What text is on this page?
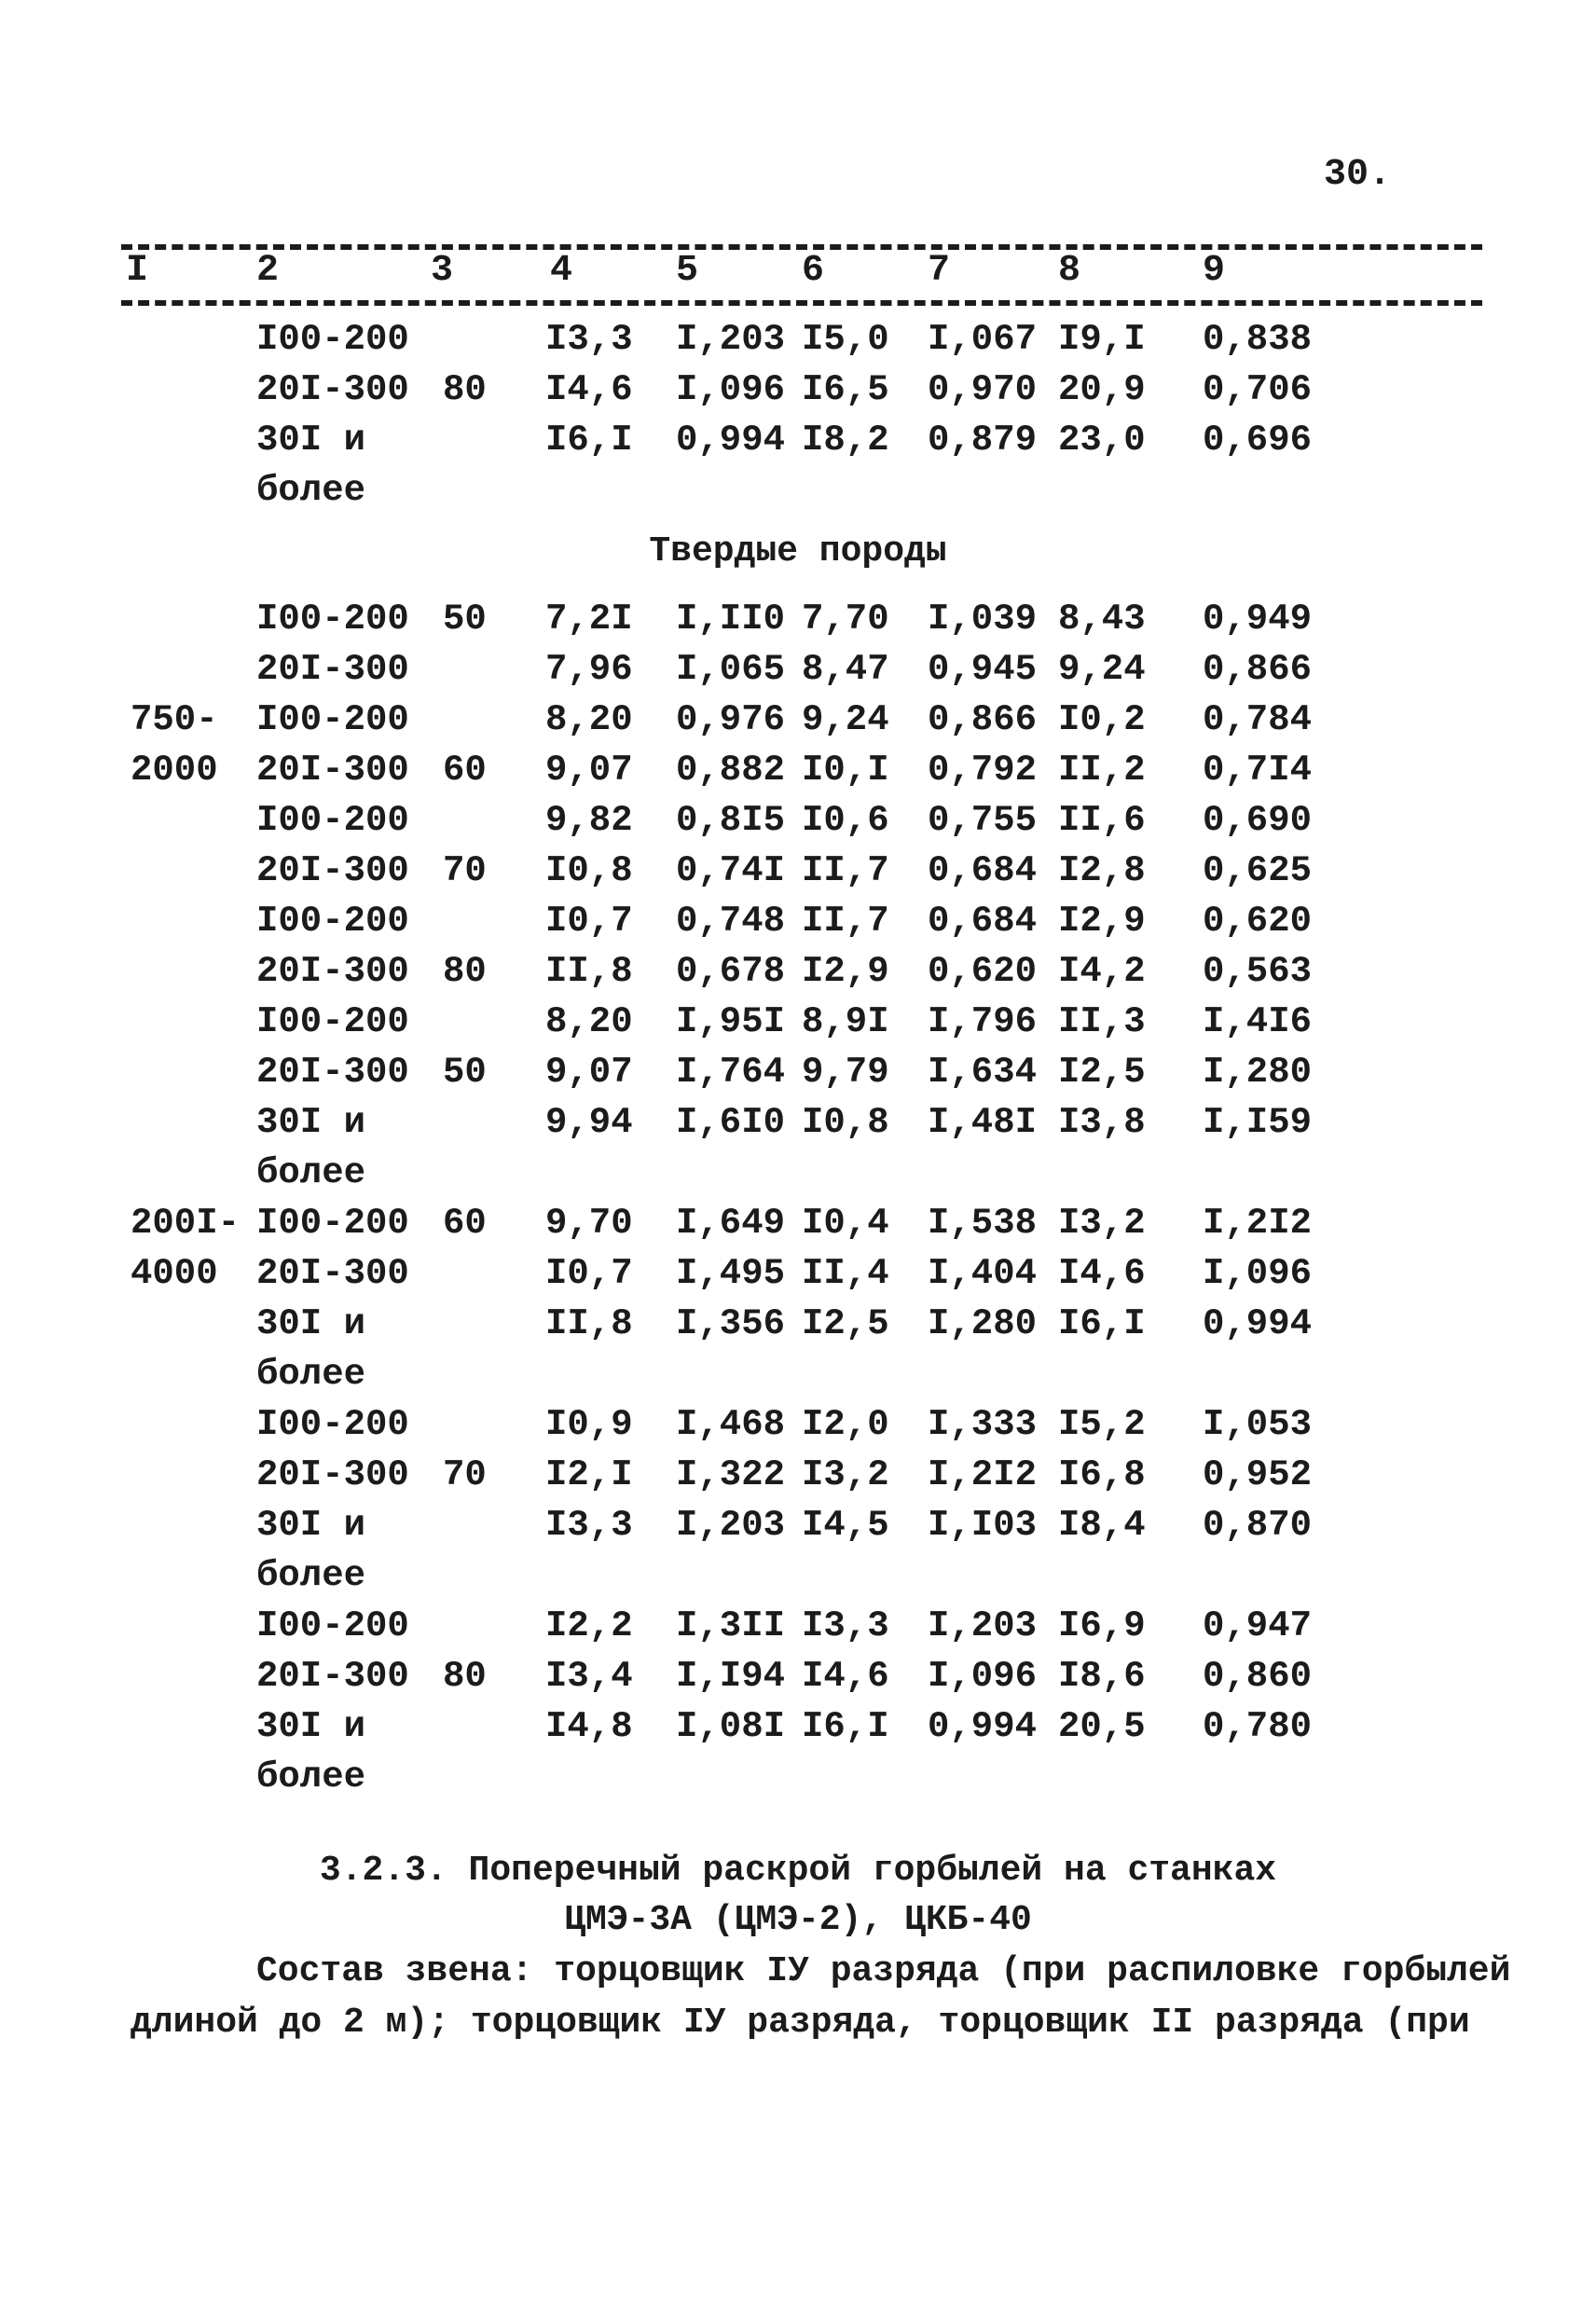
30.
I	2	3	4	5	6	7	8	9
I00-200	I3,3 I,203 I5,0 I,067 I9,I 0,838
20I-300 80 I4,6 I,096 I6,5 0,970 20,9 0,706
30I и	I6,I 0,994 I8,2 0,879 23,0 0,696
более
Твердые породы
I00-200 50 7,2I I,II0 7,70 I,039 8,43 0,949
20I-300	7,96 I,065 8,47 0,945 9,24 0,866
750- I00-200	8,20 0,976 9,24 0,866 I0,2 0,784
2000 20I-300 60 9,07 0,882 I0,I 0,792 II,2 0,7I4
I00-200	9,82 0,8I5 I0,6 0,755 II,6 0,690
20I-300 70 I0,8 0,74I II,7 0,684 I2,8 0,625
I00-200	I0,7 0,748 II,7 0,684 I2,9 0,620
20I-300 80 II,8 0,678 I2,9 0,620 I4,2 0,563
I00-200	8,20 I,95I 8,9I I,796 II,3 I,4I6
20I-300 50 9,07 I,764 9,79 I,634 I2,5 I,280
30I и	9,94 I,6I0 I0,8 I,48I I3,8 I,I59
более
200I- I00-200 60 9,70 I,649 I0,4 I,538 I3,2 I,2I2
4000 20I-300	I0,7 I,495 II,4 I,404 I4,6 I,096
30I и	II,8 I,356 I2,5 I,280 I6,I 0,994
более
I00-200	I0,9 I,468 I2,0 I,333 I5,2 I,053
20I-300 70 I2,I I,322 I3,2 I,2I2 I6,8 0,952
30I и	I3,3 I,203 I4,5 I,I03 I8,4 0,870
более
I00-200	I2,2 I,3II I3,3 I,203 I6,9 0,947
20I-300 80 I3,4 I,I94 I4,6 I,096 I8,6 0,860
30I и	I4,8 I,08I I6,I 0,994 20,5 0,780
более
3.2.3. Поперечный раскрой горбылей на станках
ЦМЭ-3А (ЦМЭ-2), ЦКБ-40
Состав звена: торцовщик IУ разряда (при распиловке горбылей
длиной до 2 м); торцовщик IУ разряда, торцовщик II разряда (при
